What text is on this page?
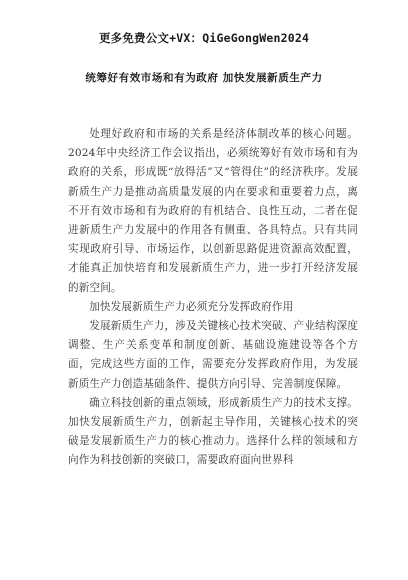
更多免费公文+VX：QiGeGongWen2024
统筹好有效市场和有为政府 加快发展新质生产力

处理好政府和市场的关系是经济体制改革的核心问题。2024年中央经济工作会议指出，必须统筹好有效市场和有为政府的关系，形成既“放得活”又“管得住”的经济秩序。发展新质生产力是推动高质量发展的内在要求和重要着力点，离不开有效市场和有为政府的有机结合、良性互动，二者在促进新质生产力发展中的作用各有侧重、各具特点。只有共同实现政府引导、市场运作，以创新思路促进资源高效配置，才能真正加快培育和发展新质生产力，进一步打开经济发展的新空间。

加快发展新质生产力必须充分发挥政府作用

发展新质生产力，涉及关键核心技术突破、产业结构深度调整、生产关系变革和制度创新、基础设施建设等各个方面，完成这些方面的工作，需要充分发挥政府作用，为发展新质生产力创造基础条件、提供方向引导、完善制度保障。

确立科技创新的重点领域，形成新质生产力的技术支撑。加快发展新质生产力，创新起主导作用，关键核心技术的突破是发展新质生产力的核心推动力。选择什么样的领域和方向作为科技创新的突破口，需要政府面向世界科
